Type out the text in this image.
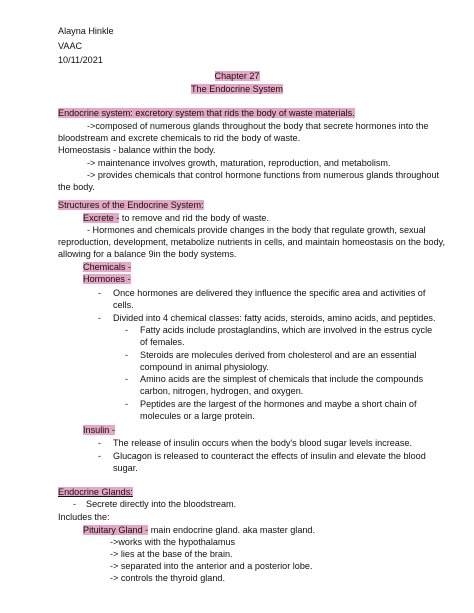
Alayna Hinkle
VAAC
10/11/2021
Chapter 27
The Endocrine System
Endocrine system: excretory system that rids the body of waste materials.
->composed of numerous glands throughout the body that secrete hormones into the
bloodstream and excrete chemicals to rid the body of waste.
Homeostasis - balance within the body.
-> maintenance involves growth, maturation, reproduction, and metabolism.
-> provides chemicals that control hormone functions from numerous glands throughout
the body.
Structures of the Endocrine System:
Excrete - to remove and rid the body of waste.
- Hormones and chemicals provide changes in the body that regulate growth, sexual
reproduction, development, metabolize nutrients in cells, and maintain homeostasis on the body,
allowing for a balance 9in the body systems.
Chemicals -
Hormones -
- Once hormones are delivered they influence the specific area and activities of
cells.
- Divided into 4 chemical classes: fatty acids, steroids, amino acids, and peptides.
- Fatty acids include prostaglandins, which are involved in the estrus cycle
of females.
- Steroids are molecules derived from cholesterol and are an essential
compound in animal physiology.
- Amino acids are the simplest of chemicals that include the compounds
carbon, nitrogen, hydrogen, and oxygen.
- Peptides are the largest of the hormones and maybe a short chain of
molecules or a large protein.
Insulin -
- The release of insulin occurs when the body's blood sugar levels increase.
- Glucagon is released to counteract the effects of insulin and elevate the blood
sugar.
Endocrine Glands:
- Secrete directly into the bloodstream.
Includes the:
Pituitary Gland - main endocrine gland. aka master gland.
->works with the hypothalamus
-> lies at the base of the brain.
-> separated into the anterior and a posterior lobe.
-> controls the thyroid gland.
